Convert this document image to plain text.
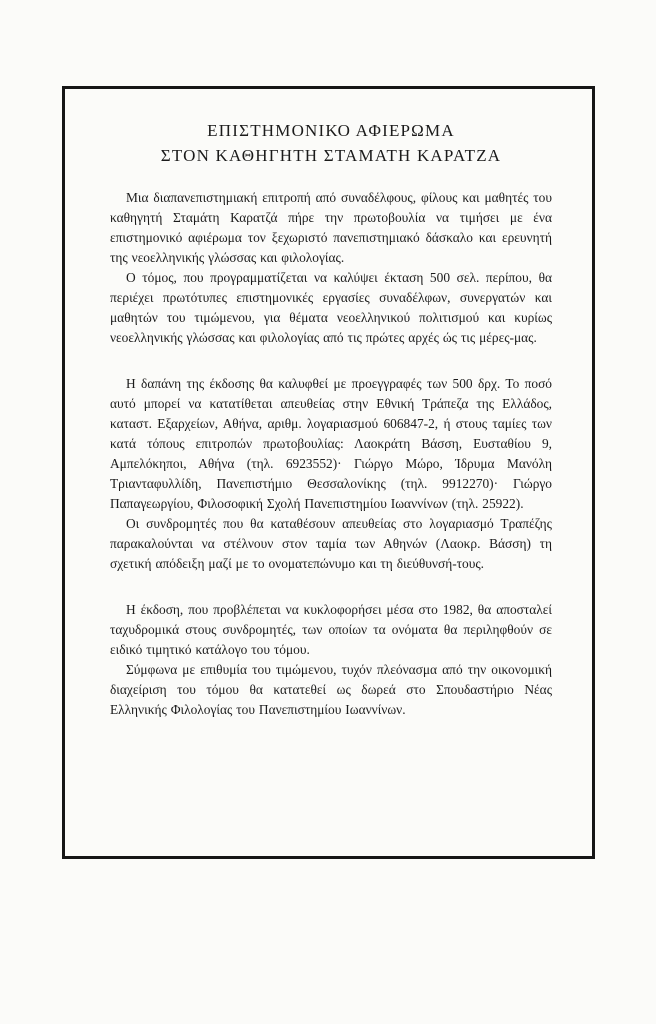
ΕΠΙΣΤΗΜΟΝΙΚΟ ΑΦΙΕΡΩΜΑ
ΣΤΟΝ ΚΑΘΗΓΗΤΗ ΣΤΑΜΑΤΗ ΚΑΡΑΤΖΑ

Μια διαπανεπιστημιακή επιτροπή από συναδέλφους, φίλους και μαθητές του καθηγητή Σταμάτη Καρατζά πήρε την πρωτοβουλία να τιμήσει με ένα επιστημονικό αφιέρωμα τον ξεχωριστό πανεπιστημιακό δάσκαλο και ερευνητή της νεοελληνικής γλώσσας και φιλολογίας.

Ο τόμος, που προγραμματίζεται να καλύψει έκταση 500 σελ. περίπου, θα περιέχει πρωτότυπες επιστημονικές εργασίες συναδέλφων, συνεργατών και μαθητών του τιμώμενου, για θέματα νεοελληνικού πολιτισμού και κυρίως νεοελληνικής γλώσσας και φιλολογίας από τις πρώτες αρχές ώς τις μέρες-μας.

Η δαπάνη της έκδοσης θα καλυφθεί με προεγγραφές των 500 δρχ. Το ποσό αυτό μπορεί να κατατίθεται απευθείας στην Εθνική Τράπεζα της Ελλάδος, καταστ. Εξαρχείων, Αθήνα, αριθμ. λογαριασμού 606847-2, ή στους ταμίες των κατά τόπους επιτροπών πρωτοβουλίας: Λαοκράτη Βάσση, Ευσταθίου 9, Αμπελόκηποι, Αθήνα (τηλ. 6923552)· Γιώργο Μώρο, Ίδρυμα Μανόλη Τριανταφυλλίδη, Πανεπιστήμιο Θεσσαλονίκης (τηλ. 9912270)· Γιώργο Παπαγεωργίου, Φιλοσοφική Σχολή Πανεπιστημίου Ιωαννίνων (τηλ. 25922).

Οι συνδρομητές που θα καταθέσουν απευθείας στο λογαριασμό Τραπέζης παρακαλούνται να στέλνουν στον ταμία των Αθηνών (Λαοκρ. Βάσση) τη σχετική απόδειξη μαζί με το ονοματεπώνυμο και τη διεύθυνσή-τους.

Η έκδοση, που προβλέπεται να κυκλοφορήσει μέσα στο 1982, θα αποσταλεί ταχυδρομικά στους συνδρομητές, των οποίων τα ονόματα θα περιληφθούν σε ειδικό τιμητικό κατάλογο του τόμου.

Σύμφωνα με επιθυμία του τιμώμενου, τυχόν πλεόνασμα από την οικονομική διαχείριση του τόμου θα κατατεθεί ως δωρεά στο Σπουδαστήριο Νέας Ελληνικής Φιλολογίας του Πανεπιστημίου Ιωαννίνων.
